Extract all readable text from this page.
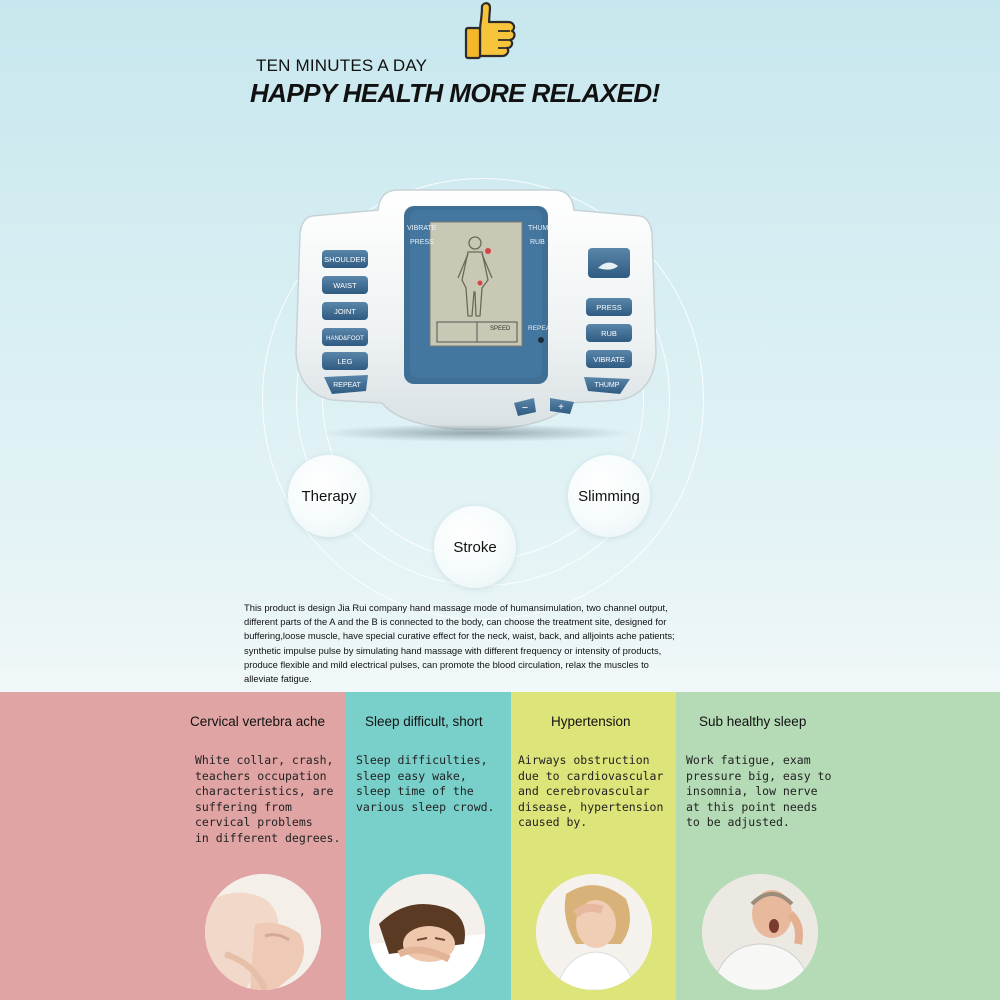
TEN MINUTES A DAY
HAPPY HEALTH MORE RELAXED!
SPEED
VIBRATE
PRESS
THUMP
RUB
REPEAT
SHOULDER
WAIST
JOINT
HAND&FOOT
LEG
REPEAT
PRESS
RUB
VIBRATE
THUMP
−	+
Therapy	Slimming
Stroke
This product is design Jia Rui company hand massage mode of humansimulation, two channel output,
different parts of the A and the B is connected to the body, can choose the treatment site, designed for
buffering,loose muscle, have special curative effect for the neck, waist, back, and alljoints ache patients;
synthetic impulse pulse by simulating hand massage with different frequency or intensity of products,
produce flexible and mild electrical pulses, can promote the blood circulation, relax the muscles to
alleviate fatigue.
Cervical vertebra ache
White collar, crash,
teachers occupation
characteristics, are
suffering from
cervical problems
in different degrees.
Sleep difficult, short
Sleep difficulties,
sleep easy wake,
sleep time of the
various sleep crowd.
Hypertension
Airways obstruction
due to cardiovascular
and cerebrovascular
disease, hypertension
caused by.
Sub healthy sleep
Work fatigue, exam
pressure big, easy to
insomnia, low nerve
at this point needs
to be adjusted.
